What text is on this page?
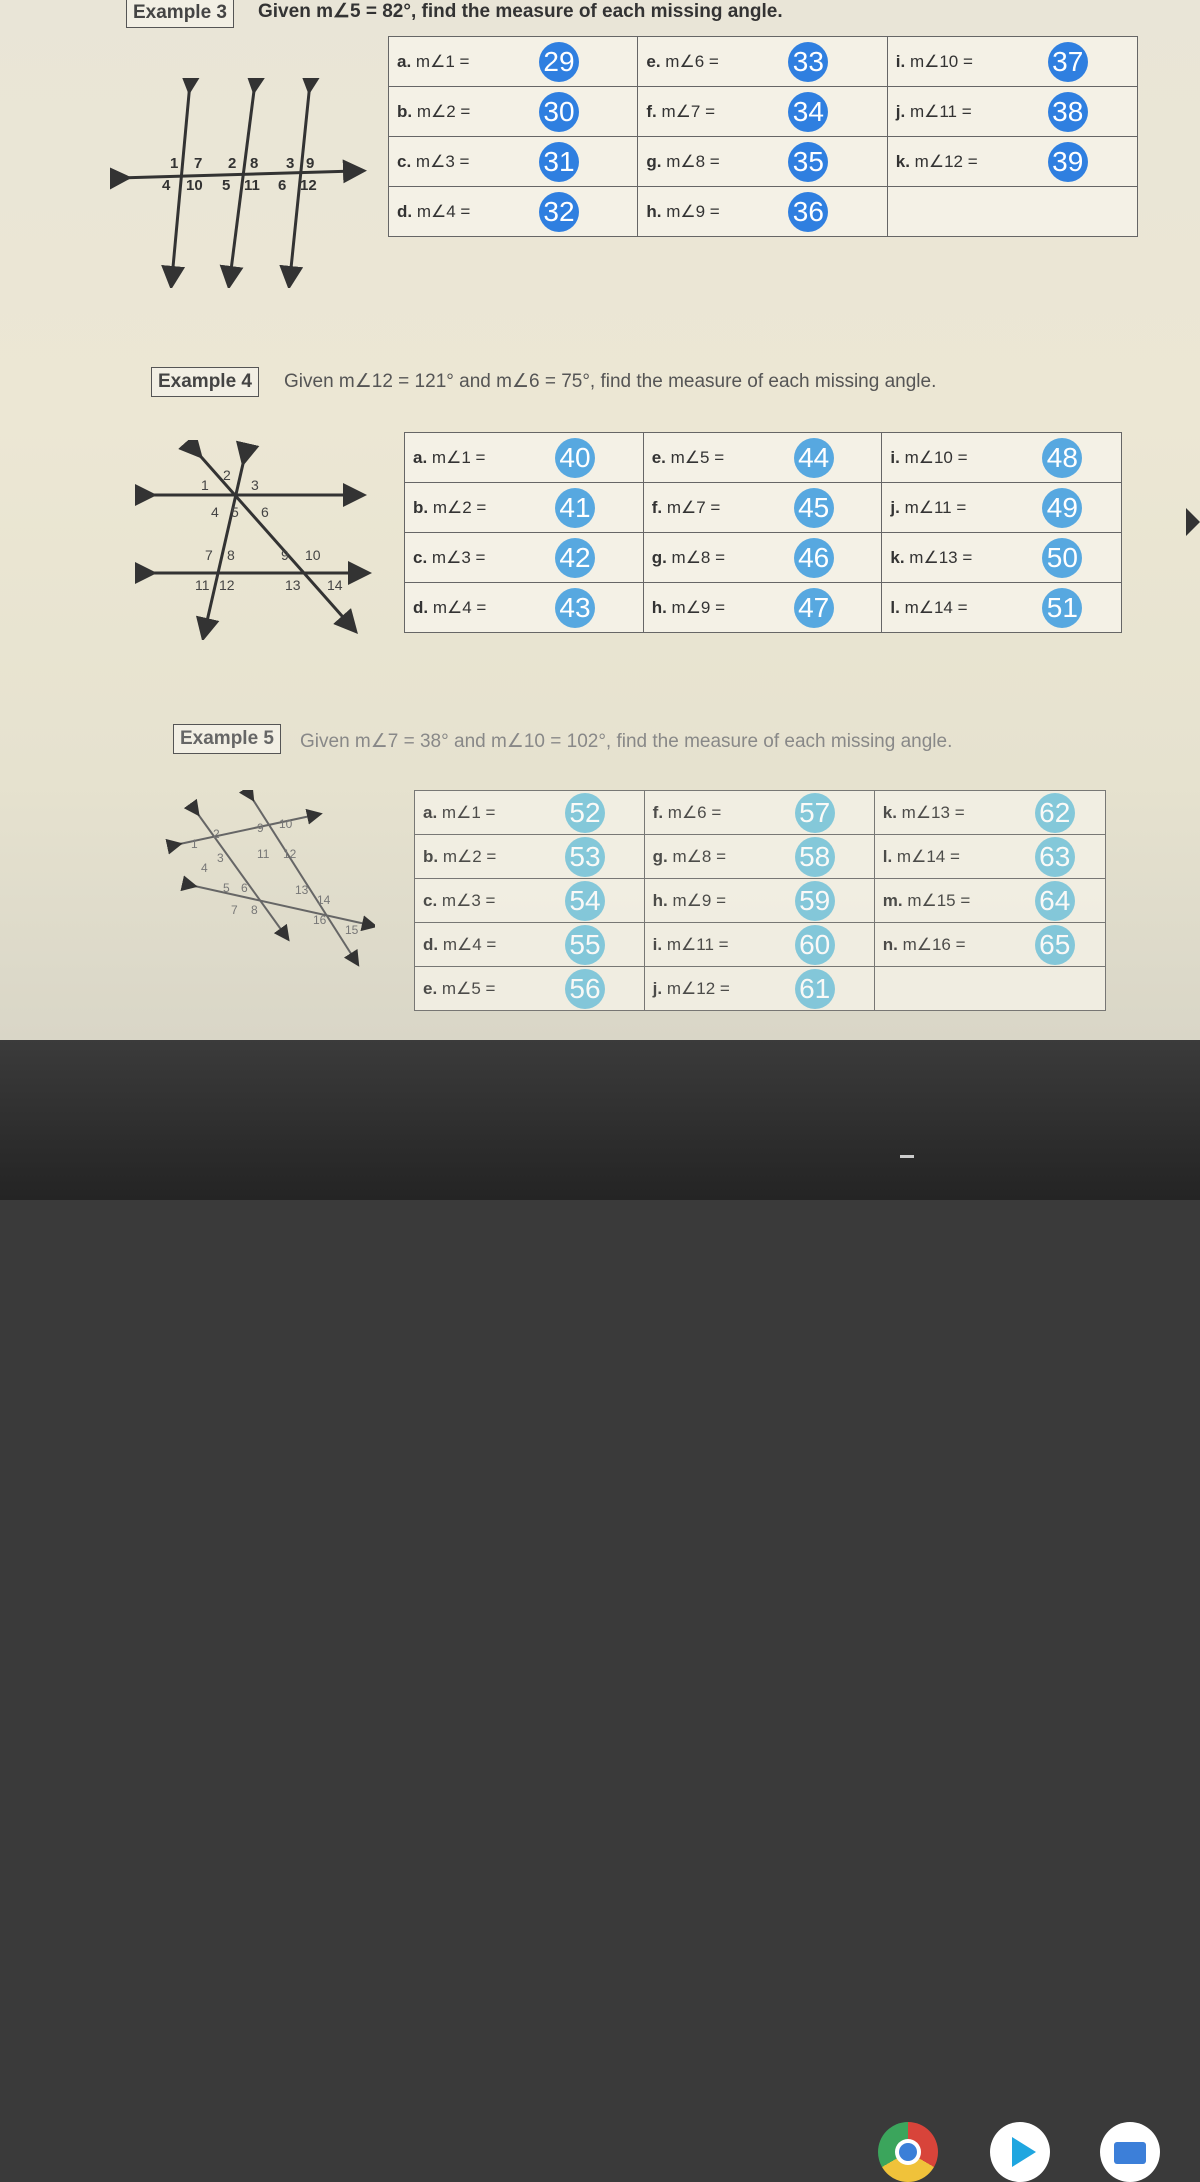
Example 3	Given m∠5 = 82°, find the measure of each missing angle.
1 7 2 8 3 9
4 10 5 11 6 12
a. m∠1 = 29	e. m∠6 = 33	i. m∠10 = 37

b. m∠2 = 30	f. m∠7 = 34	j. m∠11 = 38

c. m∠3 = 31	g. m∠8 = 35	k. m∠12 = 39

d. m∠4 = 32	h. m∠9 = 36	

Example 4	Given m∠12 = 121° and m∠6 = 75°, find the measure of each missing angle.
1
2
3
4 5 6
7 8	9 10
11 12	13 14
a. m∠1 = 40	e. m∠5 = 44	i. m∠10 = 48

b. m∠2 = 41	f. m∠7 = 45	j. m∠11 = 49

c. m∠3 = 42	g. m∠8 = 46	k. m∠13 = 50

d. m∠4 = 43	h. m∠9 = 47	l. m∠14 = 51
Example 5	Given m∠7 = 38° and m∠10 = 102°, find the measure of each missing angle.
1
2
3
4
5 6
7 8
9 10
11 12
13
14
15
16
a. m∠1 = 52	f. m∠6 = 57	k. m∠13 = 62

b. m∠2 = 53	g. m∠8 = 58	l. m∠14 = 63

c. m∠3 = 54	h. m∠9 = 59	m. m∠15 = 64

d. m∠4 = 55	i. m∠11 = 60	n. m∠16 = 65

e. m∠5 = 56	j. m∠12 = 61	
